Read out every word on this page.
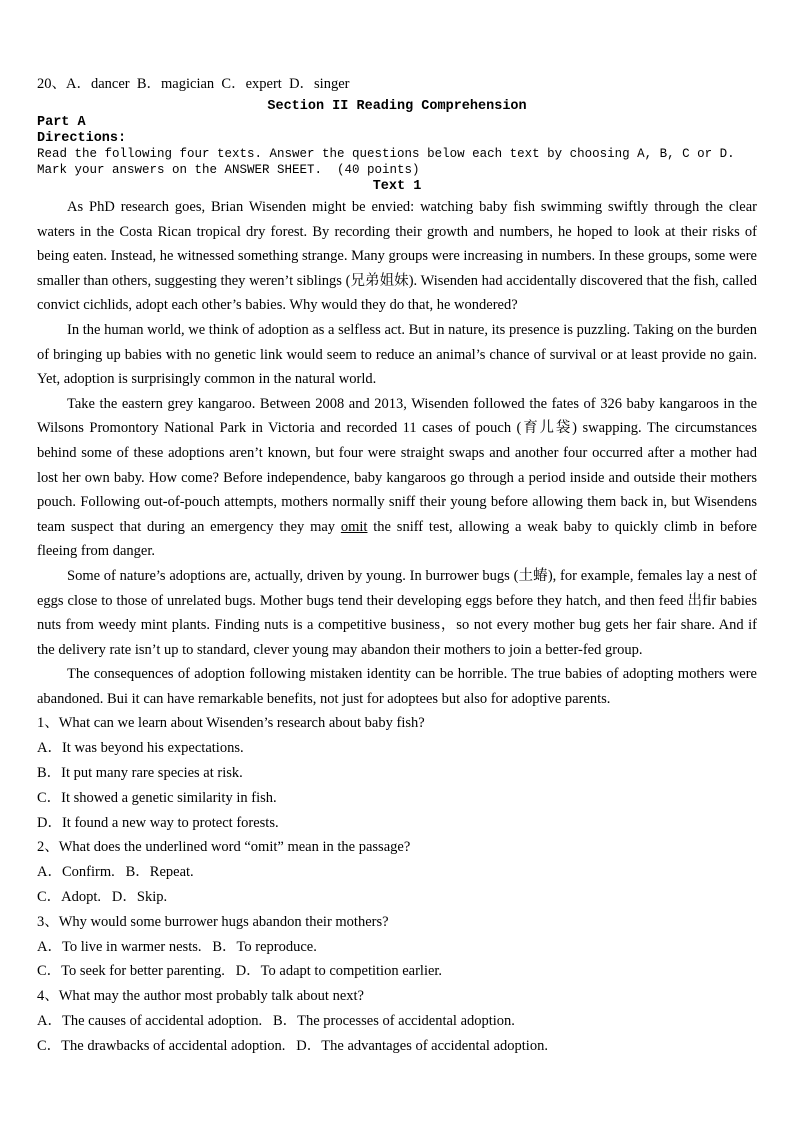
20、A．dancer  B．magician  C．expert  D．singer
Section II Reading Comprehension
Part A
Directions:
Read the following four texts. Answer the questions below each text by choosing A, B, C or D. Mark your answers on the ANSWER SHEET.  (40 points)
Text 1

As PhD research goes, Brian Wisenden might be envied: watching baby fish swimming swiftly through the clear waters in the Costa Rican tropical dry forest. By recording their growth and numbers, he hoped to look at their risks of being eaten. Instead, he witnessed something strange. Many groups were increasing in numbers. In these groups, some were smaller than others, suggesting they weren’t siblings (兄弟姐妹). Wisenden had accidentally discovered that the fish, called convict cichlids, adopt each other’s babies. Why would they do that, he wondered?

In the human world, we think of adoption as a selfless act. But in nature, its presence is puzzling. Taking on the burden of bringing up babies with no genetic link would seem to reduce an animal’s chance of survival or at least provide no gain. Yet, adoption is surprisingly common in the natural world.

Take the eastern grey kangaroo. Between 2008 and 2013, Wisenden followed the fates of 326 baby kangaroos in the Wilsons Promontory National Park in Victoria and recorded 11 cases of pouch (育儿袋) swapping. The circumstances behind some of these adoptions aren’t known, but four were straight swaps and another four occurred after a mother had lost her own baby. How come? Before independence, baby kangaroos go through a period inside and outside their mothers pouch. Following out-of-pouch attempts, mothers normally sniff their young before allowing them back in, but Wisendens team suspect that during an emergency they may omit the sniff test, allowing a weak baby to quickly climb in before fleeing from danger.

Some of nature’s adoptions are, actually, driven by young. In burrower bugs (土蝽), for example, females lay a nest of eggs close to those of unrelated bugs. Mother bugs tend their developing eggs before they hatch, and then feed 出fir babies nuts from weedy mint plants. Finding nuts is a competitive business，so not every mother bug gets her fair share. And if the delivery rate isn’t up to standard, clever young may abandon their mothers to join a better-fed group.

The consequences of adoption following mistaken identity can be horrible. The true babies of adopting mothers were abandoned. Bui it can have remarkable benefits, not just for adoptees but also for adoptive parents.

1、What can we learn about Wisenden’s research about baby fish?
A．It was beyond his expectations.
B．It put many rare species at risk.
C．It showed a genetic similarity in fish.
D．It found a new way to protect forests.
2、What does the underlined word “omit” mean in the passage?
A．Confirm.   B．Repeat.
C．Adopt.   D．Skip.
3、Why would some burrower hugs abandon their mothers?
A．To live in warmer nests.   B．To reproduce.
C．To seek for better parenting.   D．To adapt to competition earlier.
4、What may the author most probably talk about next?
A．The causes of accidental adoption.   B．The processes of accidental adoption.
C．The drawbacks of accidental adoption.   D．The advantages of accidental adoption.
